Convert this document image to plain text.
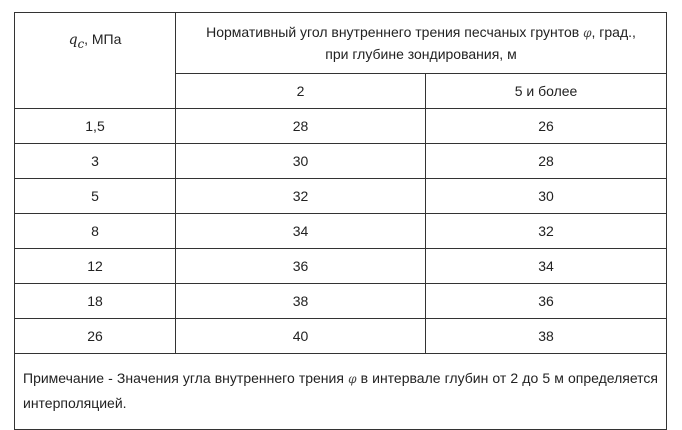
$q_c$, МПа	Нормативный угол внутреннего трения песчаных грунтов φ, град.,
при глубине зондирования, м	
	2	5 и более
1,5	28	26
3	30	28
5	32	30
8	34	32
12	36	34
18	38	36
26	40	38
Примечание - Значения угла внутреннего трения φ в интервале глубин от 2 до 5 м определяется интерполяцией.		
